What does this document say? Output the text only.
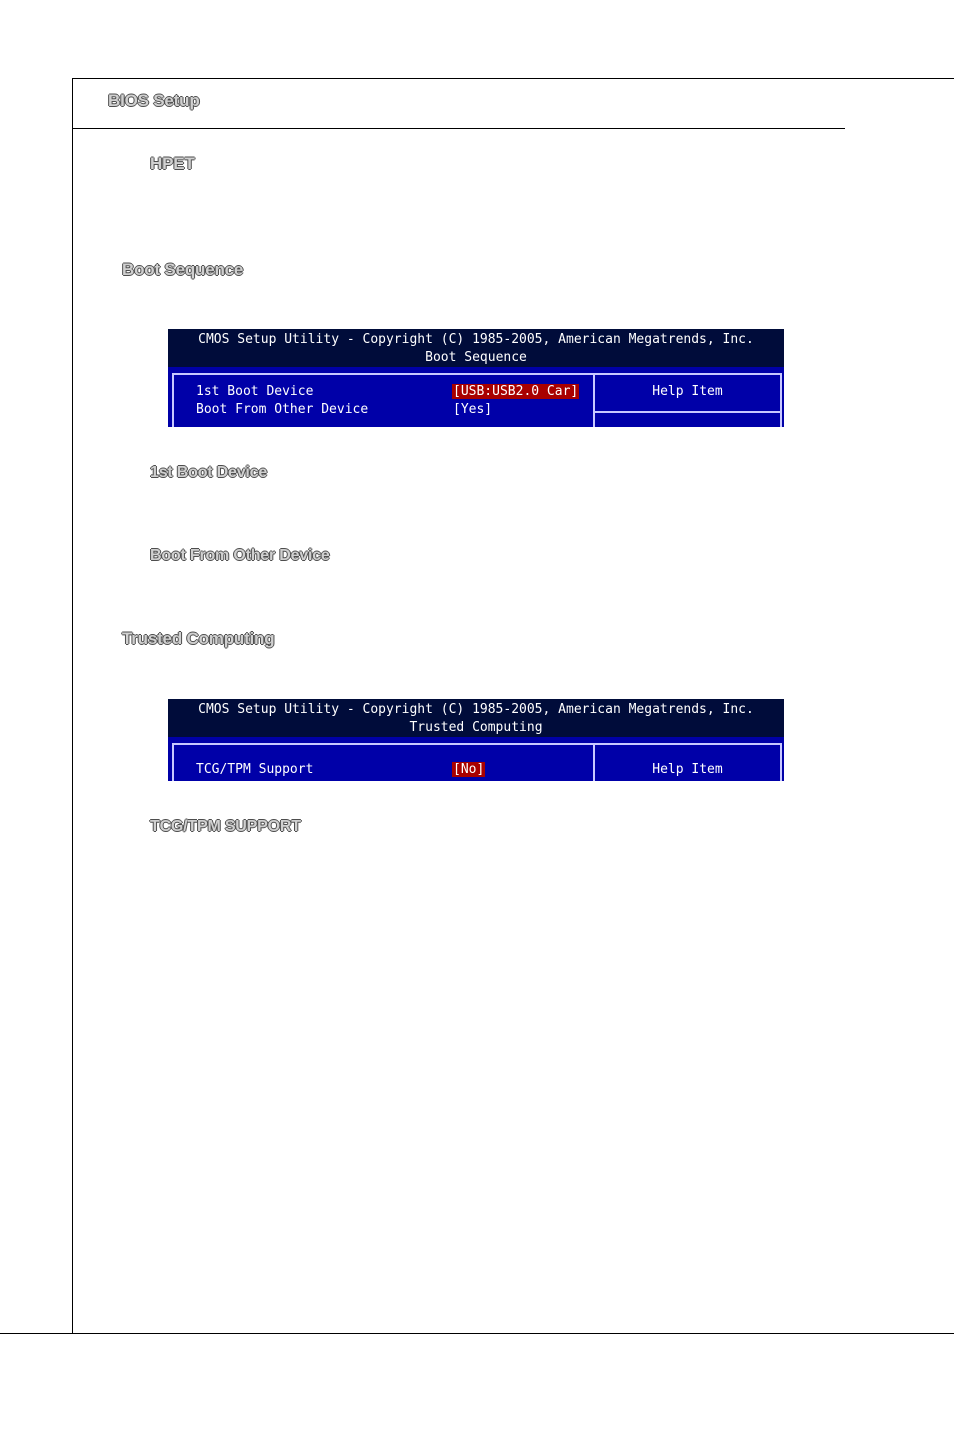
BIOS Setup
HPET
Boot Sequence
CMOS Setup Utility - Copyright (C) 1985-2005, American Megatrends, Inc.
Boot Sequence
1st Boot Device	[USB:USB2.0 Car]
Boot From Other Device	[Yes]
Help Item
1st Boot Device
Boot From Other Device
Trusted Computing
CMOS Setup Utility - Copyright (C) 1985-2005, American Megatrends, Inc.
Trusted Computing
TCG/TPM Support	[No]	Help Item
TCG/TPM SUPPORT
